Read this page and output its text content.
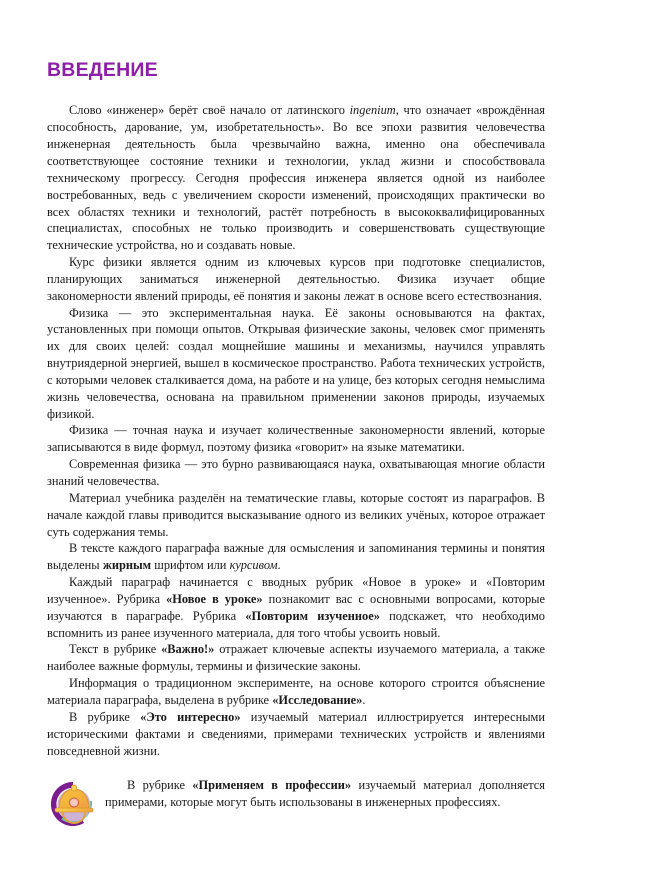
ВВЕДЕНИЕ

Слово «инженер» берёт своё начало от латинского ingenium, что означает «врождённая способность, дарование, ум, изобретательность». Во все эпохи развития человечества инженерная деятельность была чрезвычайно важна, именно она обеспечивала соответствующее состояние техники и технологии, уклад жизни и способствовала техническому прогрессу. Сегодня профессия инженера является одной из наиболее востребованных, ведь с увеличением скорости изменений, происходящих практически во всех областях техники и технологий, растёт потребность в высококвалифицированных специалистах, способных не только производить и совершенствовать существующие технические устройства, но и создавать новые.

Курс физики является одним из ключевых курсов при подготовке специалистов, планирующих заниматься инженерной деятельностью. Физика изучает общие закономерности явлений природы, её понятия и законы лежат в основе всего естествознания.

Физика — это экспериментальная наука. Её законы основываются на фактах, установленных при помощи опытов. Открывая физические законы, человек смог применять их для своих целей: создал мощнейшие машины и механизмы, научился управлять внутриядерной энергией, вышел в космическое пространство. Работа технических устройств, с которыми человек сталкивается дома, на работе и на улице, без которых сегодня немыслима жизнь человечества, основана на правильном применении законов природы, изучаемых физикой.

Физика — точная наука и изучает количественные закономерности явлений, которые записываются в виде формул, поэтому физика «говорит» на языке математики.

Современная физика — это бурно развивающаяся наука, охватывающая многие области знаний человечества.

Материал учебника разделён на тематические главы, которые состоят из параграфов. В начале каждой главы приводится высказывание одного из великих учёных, которое отражает суть содержания темы.

В тексте каждого параграфа важные для осмысления и запоминания термины и понятия выделены жирным шрифтом или курсивом.

Каждый параграф начинается с вводных рубрик «Новое в уроке» и «Повторим изученное». Рубрика «Новое в уроке» познакомит вас с основными вопросами, которые изучаются в параграфе. Рубрика «Повторим изученное» подскажет, что необходимо вспомнить из ранее изученного материала, для того чтобы усвоить новый.

Текст в рубрике «Важно!» отражает ключевые аспекты изучаемого материала, а также наиболее важные формулы, термины и физические законы.

Информация о традиционном эксперименте, на основе которого строится объяснение материала параграфа, выделена в рубрике «Исследование».

В рубрике «Это интересно» изучаемый материал иллюстрируется интересными историческими фактами и сведениями, примерами технических устройств и явлениями повседневной жизни.

В рубрике «Применяем в профессии» изучаемый материал дополняется примерами, которые могут быть использованы в инженерных профессиях.
